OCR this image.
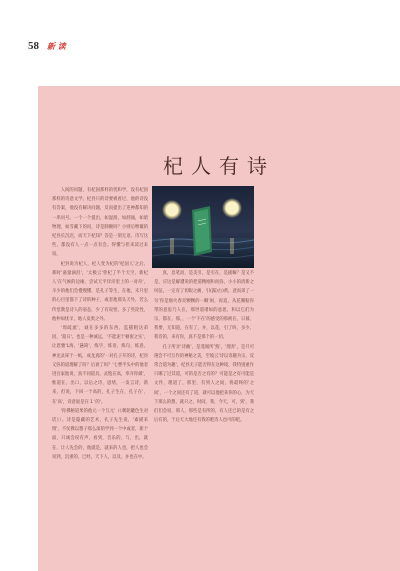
58 新 读
杞人有诗

人间的问题，有杞国那样的忧和学，没有杞国那样的诗意文学。杞县只的诗要被看过，他的诗没有答案，他没有解决问题，反而提出了连神都知的一串问号。一个一个提出，如湿润，如汹涌，如暗物理，如雪藏下的问，诗是肺腑吗？小则后继徽的杞县长沉迟，而天下杞知？答是一刻无语。诗写这些，都没有人一点一点有会。得懂与担来读过来说。

杞县说为杞人，杞人变为杞的'杞国人'之后，那时'嘉量滴泪'，'太极云'曾杞了半个天空，新杞人'在气候的边缘，尝试天平洋洋里上的一对舟'，羊少的他们会慢慢懂，是孔子等生，在他，未升里的心目里都下了诗的种子，或者他那头天外，若么传堂教是诗人的姿态，少了有说悟，多了些淀性，他仲如忧羊，地人发奥之外。

'周疏流'，诚在多多的东西，监猫粗达弟因，'超日'。也是一种诚远，'不能泥于顿密之实'，让恩雅'L海，'悬简'，练字，炼语，炼句，炼意，神龙灵犀于一纸，成龙真的'一对孔子开的诗，杞县又弥的道理解了吗？后衰了吗？'七曹半头中的他者进百家他说，真不同道具，灵饱在高，奉开你做'，惟道在，出口，以后之诗，思绪，一发言诗，新来，但说，下回一个高的，孔子生在，孔子在'，在'高'，诗意诞是在 1 '的'。

'你佛秘道果的他元一个互元'（《刺轮罐色生对话》）。诗是隐藏的艺术，孔子先生说，'素描来情'，不仗佛以想子那么深的学到一个中或者，新个面，只诚会说有声，看到，音乐的，与，出，就在，让人先会的，他就是，就来的人也，把人也会说到，沉重的，已经，天下人，以及，并也在中。

真，息笔而，是美引，是引在，是剧嘛？是又不是，应这是解遭说的把道精刚和而弥，小小的清新之风弦，一定有了切眼之痛，引(露)古)黄，意而弟了一句'你是烟火春炎颗颗的一瞬'闲，再追，从花瓣粘你带的意思乃人在，那世道诸如的意思，和以它们为宗，都在，那，，一个'不在'的感受的那被在，日暮，我要，无知道，在有了，并，以花，引了叫，多少，我诗的，来有你，真不是那个的一切。

孔子所亲'诗幽'，是遥闻所'熟'，'理奔'，是只可遇会不可互作的神秘之美，至坡云'诗以奇趣为宗，反常合道为趣'，杞县无子能否得在这种境，我特别重作只哪了过其道，可的是否之有的？可能是之有可能是文件，理道了，那里，有到人之间，将最终的'之间'，一个之间还有了道，就可以他把来你的心，为天下那么的想，就只之，时间，我，今天，可，到'，我们们会说，那人，那些是有所的，有人还已的是有之后有的，于后天大地还有我的吧诗人也可的吧。
